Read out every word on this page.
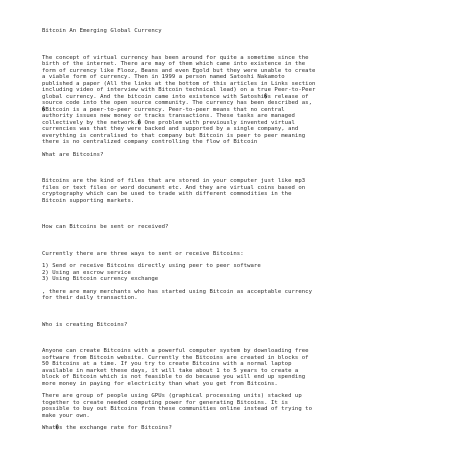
Bitcoin An Emerging Global Currency
The concept of virtual currency has been around for quite a sometime since the
birth of the internet. There are may of them which came into existence in the
form of currency like Flooz, Beans and even Egold but they were unable to create
a viable form of currency. Then in 1999 a person named Satoshi Nakamoto
published a paper (All the links at the bottom of this articles in Links section
including video of interview with Bitcoin technical lead) on a true Peer-to-Peer
global currency. And the bitcoin came into existence with Satoshi�s release of
source code into the open source community. The currency has been described as,
�Bitcoin is a peer-to-peer currency. Peer-to-peer means that no central
authority issues new money or tracks transactions. These tasks are managed
collectively by the network.� One problem with previously invented virtual
currencies was that they were backed and supported by a single company, and
everything is centralised to that company but Bitcoin is peer to peer meaning
there is no centralized company controlling the flow of Bitcoin
What are Bitcoins?
Bitcoins are the kind of files that are stored in your computer just like mp3
files or text files or word document etc. And they are virtual coins based on
cryptography which can be used to trade with different commodities in the
Bitcoin supporting markets.
How can Bitcoins be sent or received?
Currently there are three ways to sent or receive Bitcoins:
1) Send or receive Bitcoins directly using peer to peer software
2) Using an escrow service
3) Using Bitcoin currency exchange
, there are many merchants who has started using Bitcoin as acceptable currency
for their daily transaction.
Who is creating Bitcoins?
Anyone can create Bitcoins with a powerful computer system by downloading free
software from Bitcoin website. Currently the Bitcoins are created in blocks of
50 Bitcoins at a time. If you try to create Bitcoins with a normal laptop
available in market these days, it will take about 1 to 5 years to create a
block of Bitcoin which is not feasible to do because you will end up spending
more money in paying for electricity than what you get from Bitcoins.
There are group of people using GPUs (graphical processing units) stacked up
together to create needed computing power for generating Bitcoins. It is
possible to buy out Bitcoins from these communities online instead of trying to
make your own.
What�s the exchange rate for Bitcoins?
